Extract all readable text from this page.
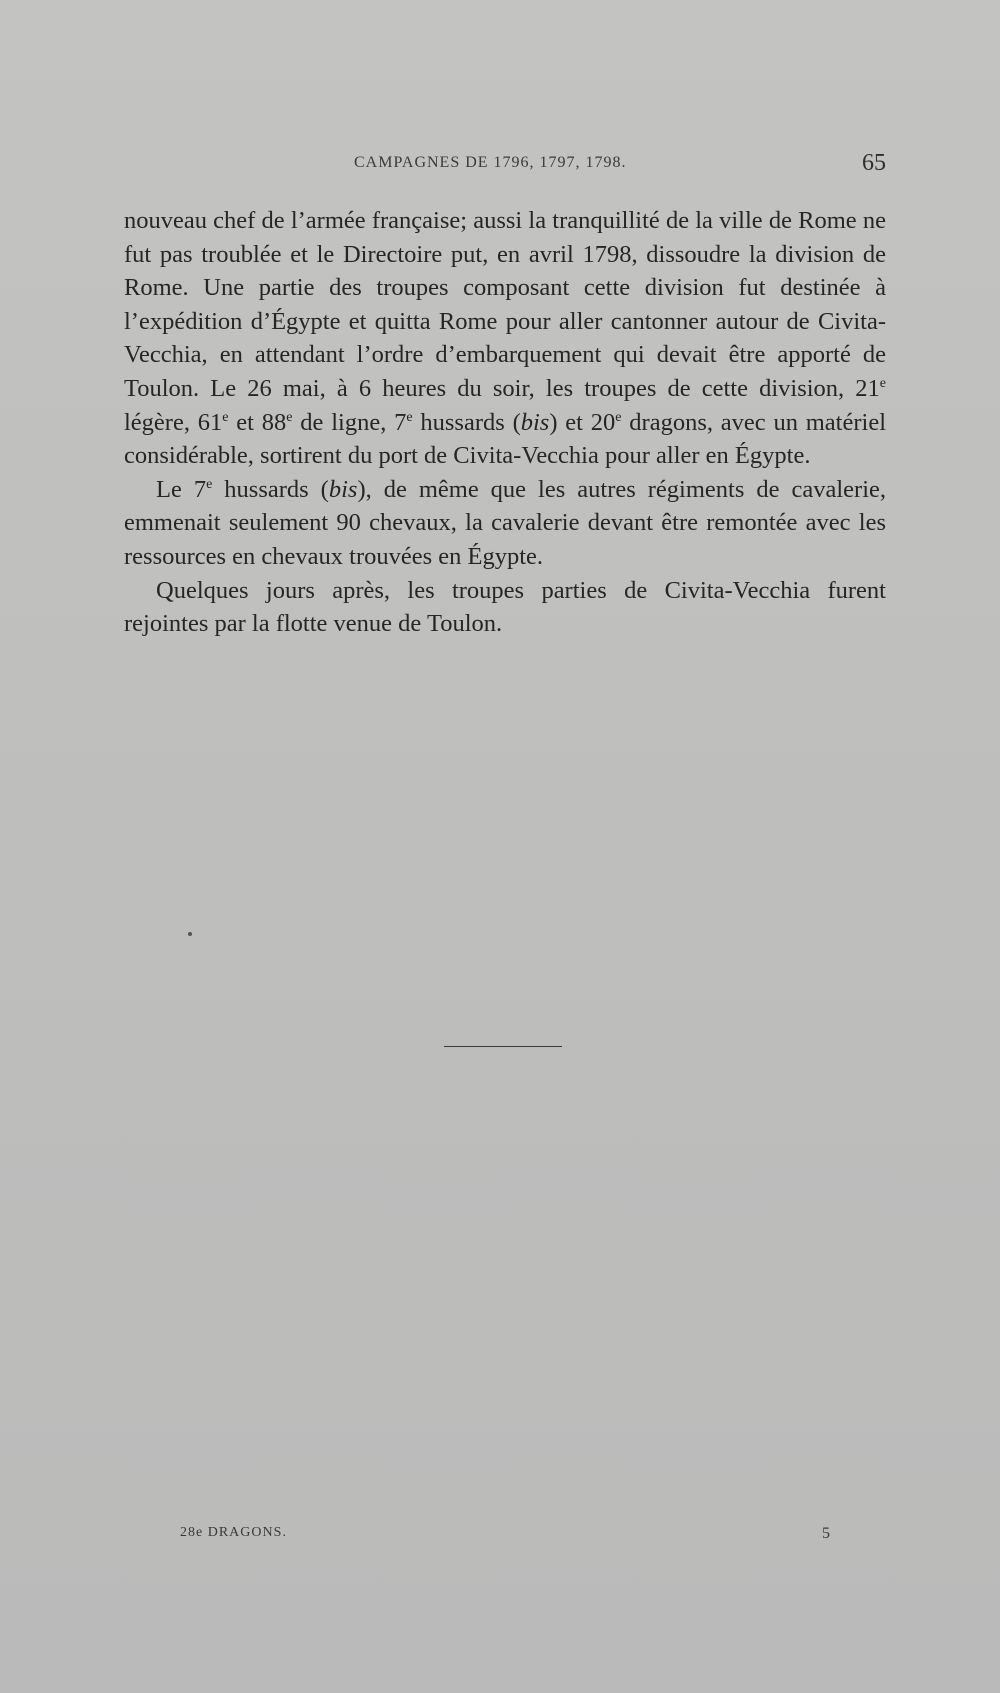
CAMPAGNES DE 1796, 1797, 1798.	65

nouveau chef de l’armée française; aussi la tranquillité de la ville de Rome ne fut pas troublée et le Directoire put, en avril 1798, dissoudre la division de Rome. Une partie des troupes composant cette division fut destinée à l’expédition d’Égypte et quitta Rome pour aller cantonner autour de Civita-Vecchia, en attendant l’ordre d’embarquement qui devait être apporté de Toulon. Le 26 mai, à 6 heures du soir, les troupes de cette division, 21e légère, 61e et 88e de ligne, 7e hussards (bis) et 20e dragons, avec un matériel considérable, sortirent du port de Civita-Vecchia pour aller en Égypte.

Le 7e hussards (bis), de même que les autres régiments de cavalerie, emmenait seulement 90 chevaux, la cavalerie devant être remontée avec les ressources en chevaux trouvées en Égypte.

Quelques jours après, les troupes parties de Civita-Vecchia furent rejointes par la flotte venue de Toulon.

28e DRAGONS.	5
